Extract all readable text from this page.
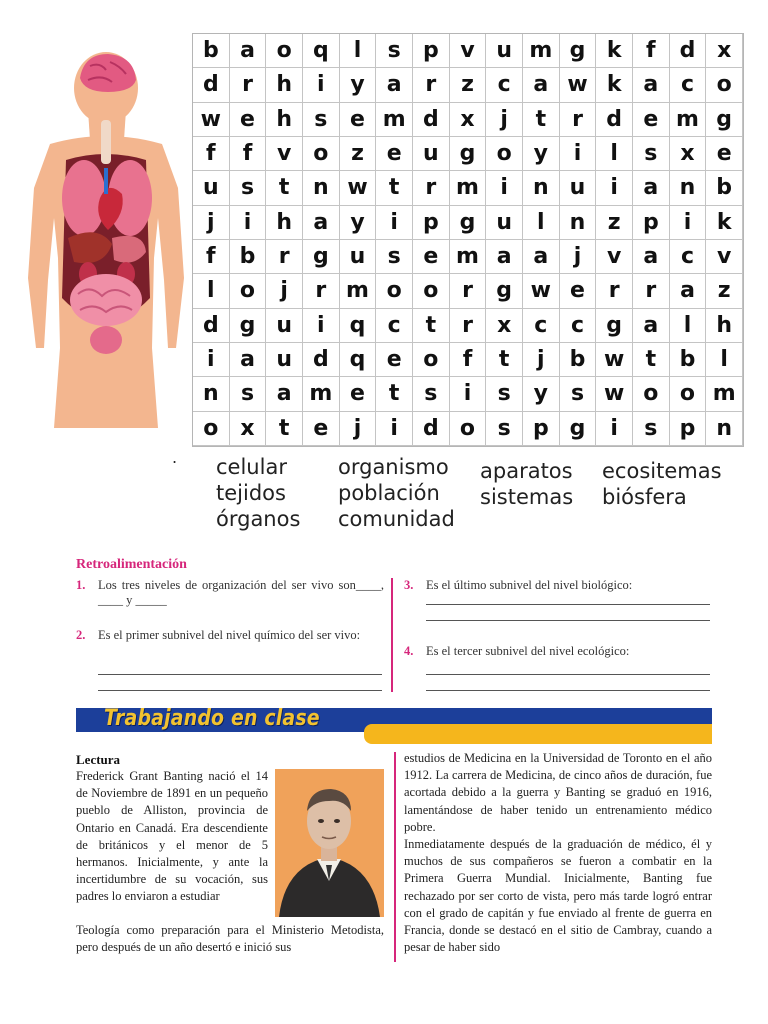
b a o q	l	s	p v u m g k	f	d x
d	r	h	i	y	a	r	z	c	a w k a	c	o
w e h	s	e m d x	j	t	r	d e m g
f	f	v o	z	e u g o y	i	l	s	x	e
u	s	t	n w t	r m i	n u	i	a n b
j	i	h a	y	i	p g u	l	n	z	p	i	k
f	b	r	g u	s	e m a a	j	v	a	c	v
l	o	j	r m o o	r	g w e	r	r	a	z
d g u	i	q	c	t	r	x	c	c	g a	l	h
i	a u d q e o	f	t	j	b w t	b	l
n	s	a m e	t	s	i	s	y	s w o o m
o	x	t	e	j	i	d o	s	p g	i	s	p n
. celular
tejidos
órganos
organismo
población
comunidad
aparatos
sistemas
ecositemas
biósfera
Retroalimentación
1. Los tres niveles de organización del ser vivo son____, ____ y _____
2. Es el primer subnivel del nivel químico del ser vivo:
3. Es el último subnivel del nivel biológico:
4. Es el tercer subnivel del nivel ecológico:
Trabajando en clase
Lectura

Frederick Grant Banting nació el 14 de Noviembre de 1891 en un pequeño pueblo de Alliston, provincia de Ontario en Canadá. Era descendiente de británicos y el menor de 5 hermanos. Inicialmente, y ante la incertidumbre de su vocación, sus padres lo enviaron a estudiar

Teología como preparación para el Ministerio Metodista, pero después de un año desertó e inició sus

estudios de Medicina en la Universidad de Toronto en el año 1912. La carrera de Medicina, de cinco años de duración, fue acortada debido a la guerra y Banting se graduó en 1916, lamentándose de haber tenido un entrenamiento médico pobre.

Inmediatamente después de la graduación de médico, él y muchos de sus compañeros se fueron a combatir en la Primera Guerra Mundial. Inicialmente, Banting fue rechazado por ser corto de vista, pero más tarde logró entrar con el grado de capitán y fue enviado al frente de guerra en Francia, donde se destacó en el sitio de Cambray, cuando a pesar de haber sido
